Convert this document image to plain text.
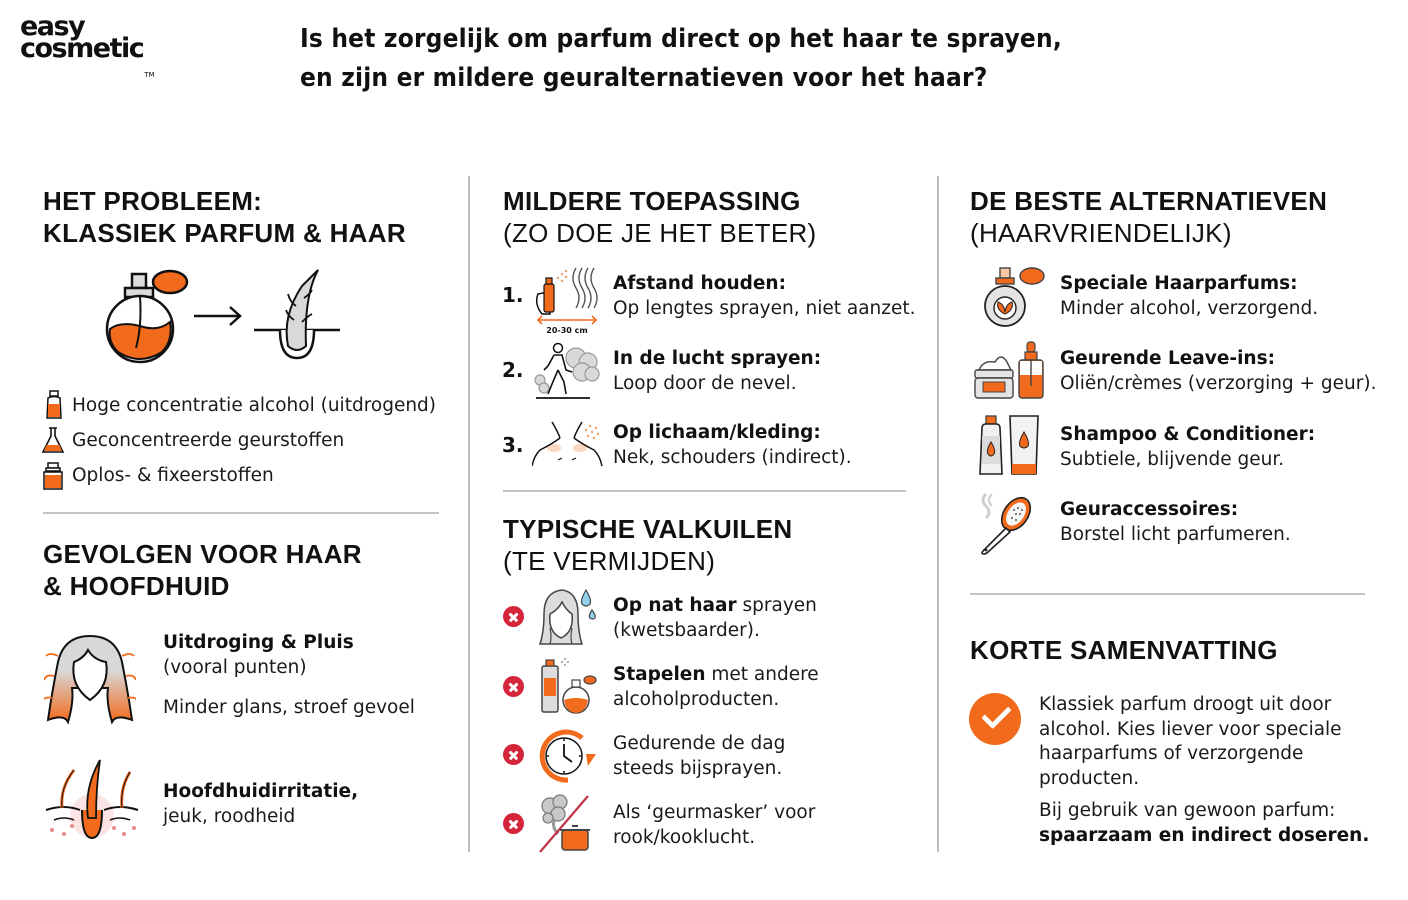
easy
cosmeticTM
Is het zorgelijk om parfum direct op het haar te sprayen,
en zijn er mildere geuralternatieven voor het haar?
HET PROBLEEM:
KLASSIEK PARFUM & HAAR
Hoge concentratie alcohol (uitdrogend)
Geconcentreerde geurstoffen
Oplos- & fixeerstoffen
GEVOLGEN VOOR HAAR
& HOOFDHUID
Uitdroging & Pluis
(vooral punten)
Minder glans, stroef gevoel
Hoofdhuidirritatie,
jeuk, roodheid
MILDERE TOEPASSING
(ZO DOE JE HET BETER)
1.
20-30 cm
Afstand houden:
Op lengtes sprayen, niet aanzet.
2.	In de lucht sprayen:
Loop door de nevel.
3.
Op lichaam/kleding:
Nek, schouders (indirect).
TYPISCHE VALKUILEN
(TE VERMIJDEN)
Op nat haar sprayen
(kwetsbaarder).
Stapelen met andere
alcoholproducten.
Gedurende de dag
steeds bijsprayen.
Als ‘geurmasker’ voor
rook/kooklucht.
DE BESTE ALTERNATIEVEN
(HAARVRIENDELIJK)
Speciale Haarparfums:
Minder alcohol, verzorgend.
Geurende Leave-ins:
Oliën/crèmes (verzorging + geur).
Shampoo & Conditioner:
Subtiele, blijvende geur.
Geuraccessoires:
Borstel licht parfumeren.
KORTE SAMENVATTING
Klassiek parfum droogt uit door
alcohol. Kies liever voor speciale
haarparfums of verzorgende
producten.
Bij gebruik van gewoon parfum:
spaarzaam en indirect doseren.
